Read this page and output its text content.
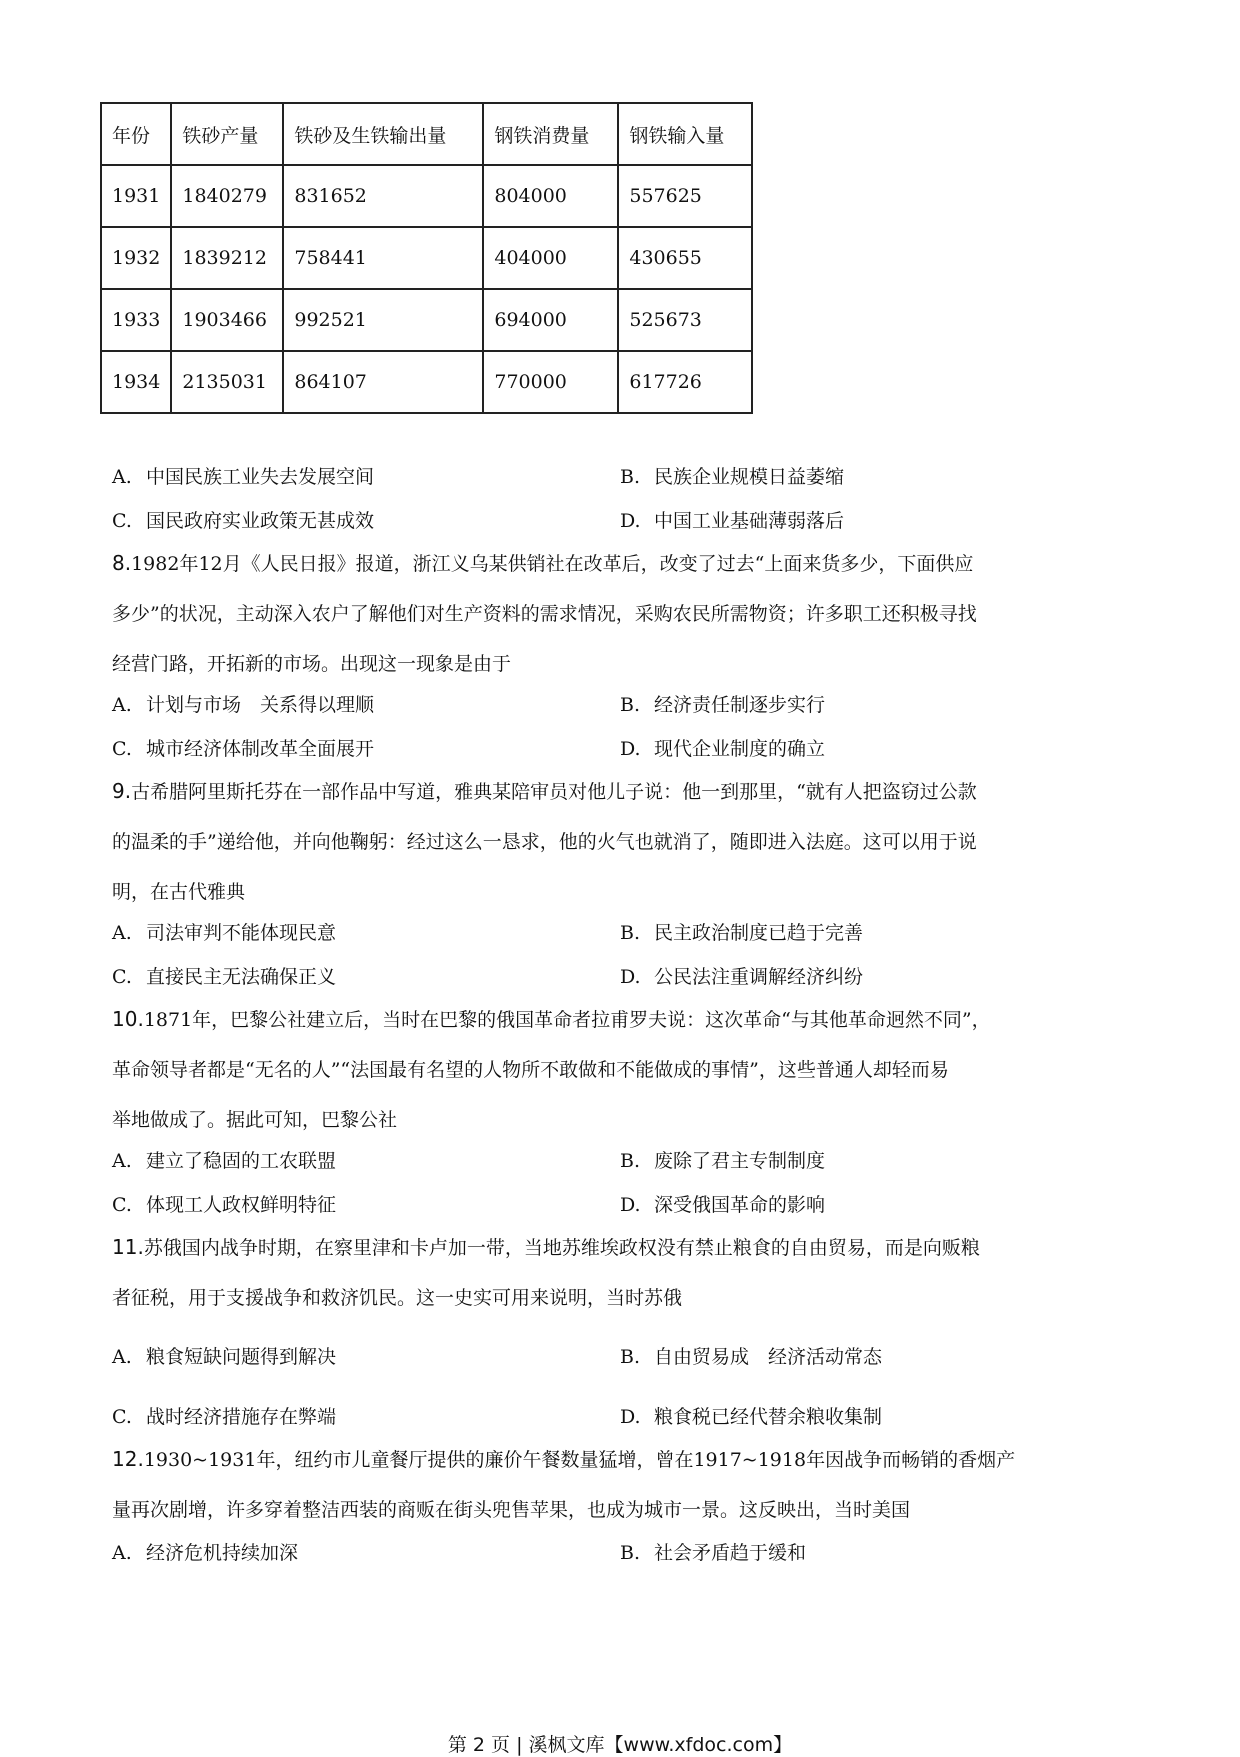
年份	铁砂产量	铁砂及生铁输出量	钢铁消费量	钢铁输入量
1931	1840279	831652	804000	557625
1932	1839212	758441	404000	430655
1933	1903466	992521	694000	525673
1934	2135031	864107	770000	617726
A. 中国民族工业失去发展空间	B. 民族企业规模日益萎缩
C. 国民政府实业政策无甚成效	D. 中国工业基础薄弱落后
8.1982年12月《人民日报》报道，浙江义乌某供销社在改革后，改变了过去“上面来货多少，下面供应
多少”的状况，主动深入农户了解他们对生产资料的需求情况，采购农民所需物资；许多职工还积极寻找
经营门路，开拓新的市场。出现这一现象是由于
A. 计划与市场　关系得以理顺	B. 经济责任制逐步实行
C. 城市经济体制改革全面展开	D. 现代企业制度的确立
9.古希腊阿里斯托芬在一部作品中写道，雅典某陪审员对他儿子说：他一到那里，“就有人把盗窃过公款
的温柔的手”递给他，并向他鞠躬：经过这么一恳求，他的火气也就消了，随即进入法庭。这可以用于说
明，在古代雅典
A. 司法审判不能体现民意	B. 民主政治制度已趋于完善
C. 直接民主无法确保正义	D. 公民法注重调解经济纠纷
10.1871年，巴黎公社建立后，当时在巴黎的俄国革命者拉甫罗夫说：这次革命“与其他革命迥然不同”，
革命领导者都是“无名的人”“法国最有名望的人物所不敢做和不能做成的事情”，这些普通人却轻而易
举地做成了。据此可知，巴黎公社
A. 建立了稳固的工农联盟	B. 废除了君主专制制度
C. 体现工人政权鲜明特征	D. 深受俄国革命的影响
11.苏俄国内战争时期，在察里津和卡卢加一带，当地苏维埃政权没有禁止粮食的自由贸易，而是向贩粮
者征税，用于支援战争和救济饥民。这一史实可用来说明，当时苏俄
A. 粮食短缺问题得到解决	B. 自由贸易成　经济活动常态
C. 战时经济措施存在弊端	D. 粮食税已经代替余粮收集制
12.1930~1931年，纽约市儿童餐厅提供的廉价午餐数量猛增，曾在1917~1918年因战争而畅销的香烟产
量再次剧增，许多穿着整洁西装的商贩在街头兜售苹果，也成为城市一景。这反映出，当时美国
A. 经济危机持续加深	B. 社会矛盾趋于缓和
第 2 页 | 溪枫文库【www.xfdoc.com】
